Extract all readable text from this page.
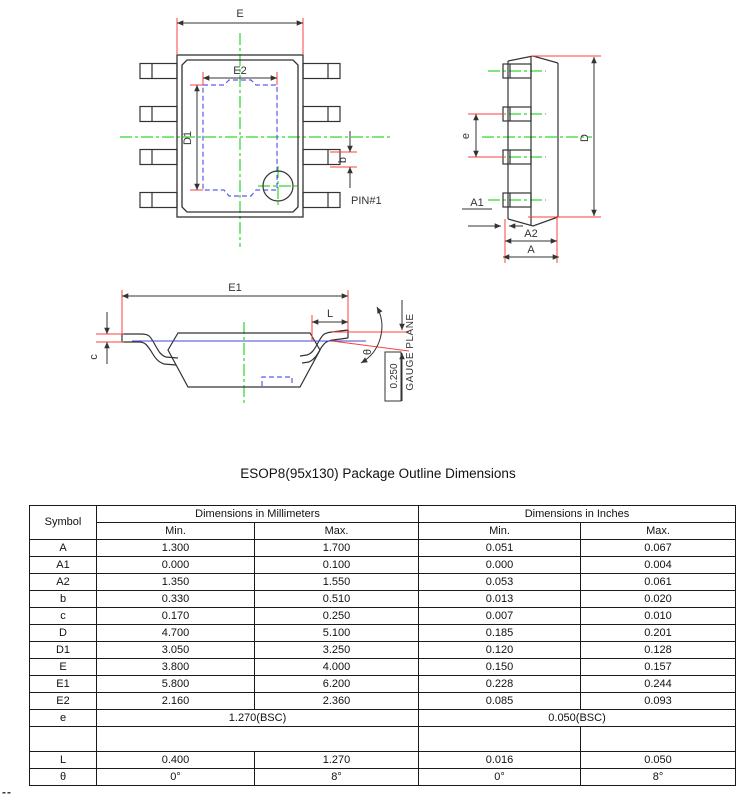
E
E2
D1
b
PIN#1
e	D
A1
A2
A
E1
L
c
θ
0.250 GAUGE PLANE
ESOP8(95x130) Package Outline Dimensions
Symbol	Dimensions in Millimeters		Dimensions in Inches	
	Min.	Max.	Min.	Max.
A	1.300	1.700	0.051	0.067
A1	0.000	0.100	0.000	0.004
A2	1.350	1.550	0.053	0.061
b	0.330	0.510	0.013	0.020
c	0.170	0.250	0.007	0.010
D	4.700	5.100	0.185	0.201
D1	3.050	3.250	0.120	0.128
E	3.800	4.000	0.150	0.157
E1	5.800	6.200	0.228	0.244
E2	2.160	2.360	0.085	0.093
e	1.270(BSC)		0.050(BSC)	

L	0.400	1.270	0.016	0.050
θ	0°	8°	0°	8°
--
